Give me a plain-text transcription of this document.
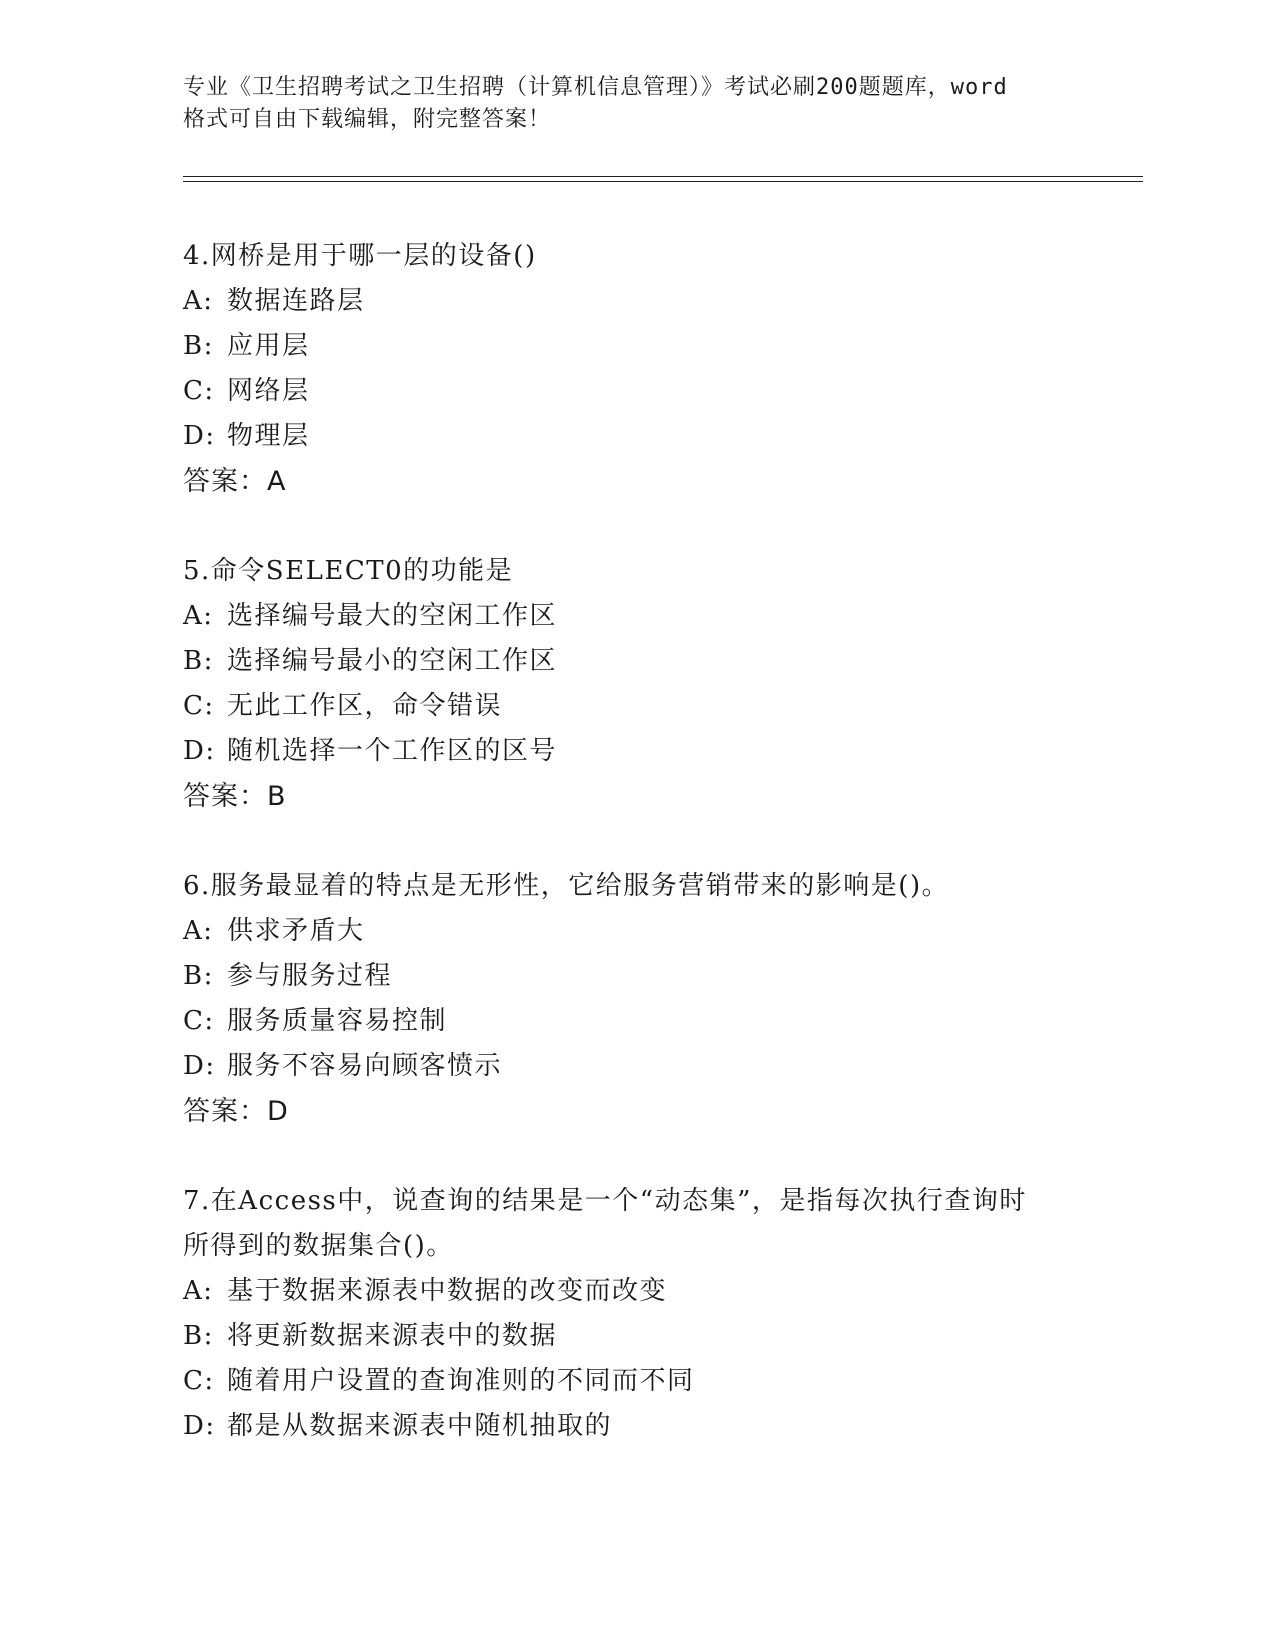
专业《卫生招聘考试之卫生招聘（计算机信息管理）》考试必刷200题题库，word
格式可自由下载编辑，附完整答案！
4.网桥是用于哪一层的设备()
A: 数据连路层
B: 应用层
C: 网络层
D: 物理层
答案：A
5.命令SELECT0的功能是
A: 选择编号最大的空闲工作区
B: 选择编号最小的空闲工作区
C: 无此工作区，命令错误
D: 随机选择一个工作区的区号
答案：B
6.服务最显着的特点是无形性，它给服务营销带来的影响是()。
A: 供求矛盾大
B: 参与服务过程
C: 服务质量容易控制
D: 服务不容易向顾客愤示
答案：D
7.在Access中，说查询的结果是一个“动态集”，是指每次执行查询时所得到的数据集合()。
A: 基于数据来源表中数据的改变而改变
B: 将更新数据来源表中的数据
C: 随着用户设置的查询准则的不同而不同
D: 都是从数据来源表中随机抽取的
